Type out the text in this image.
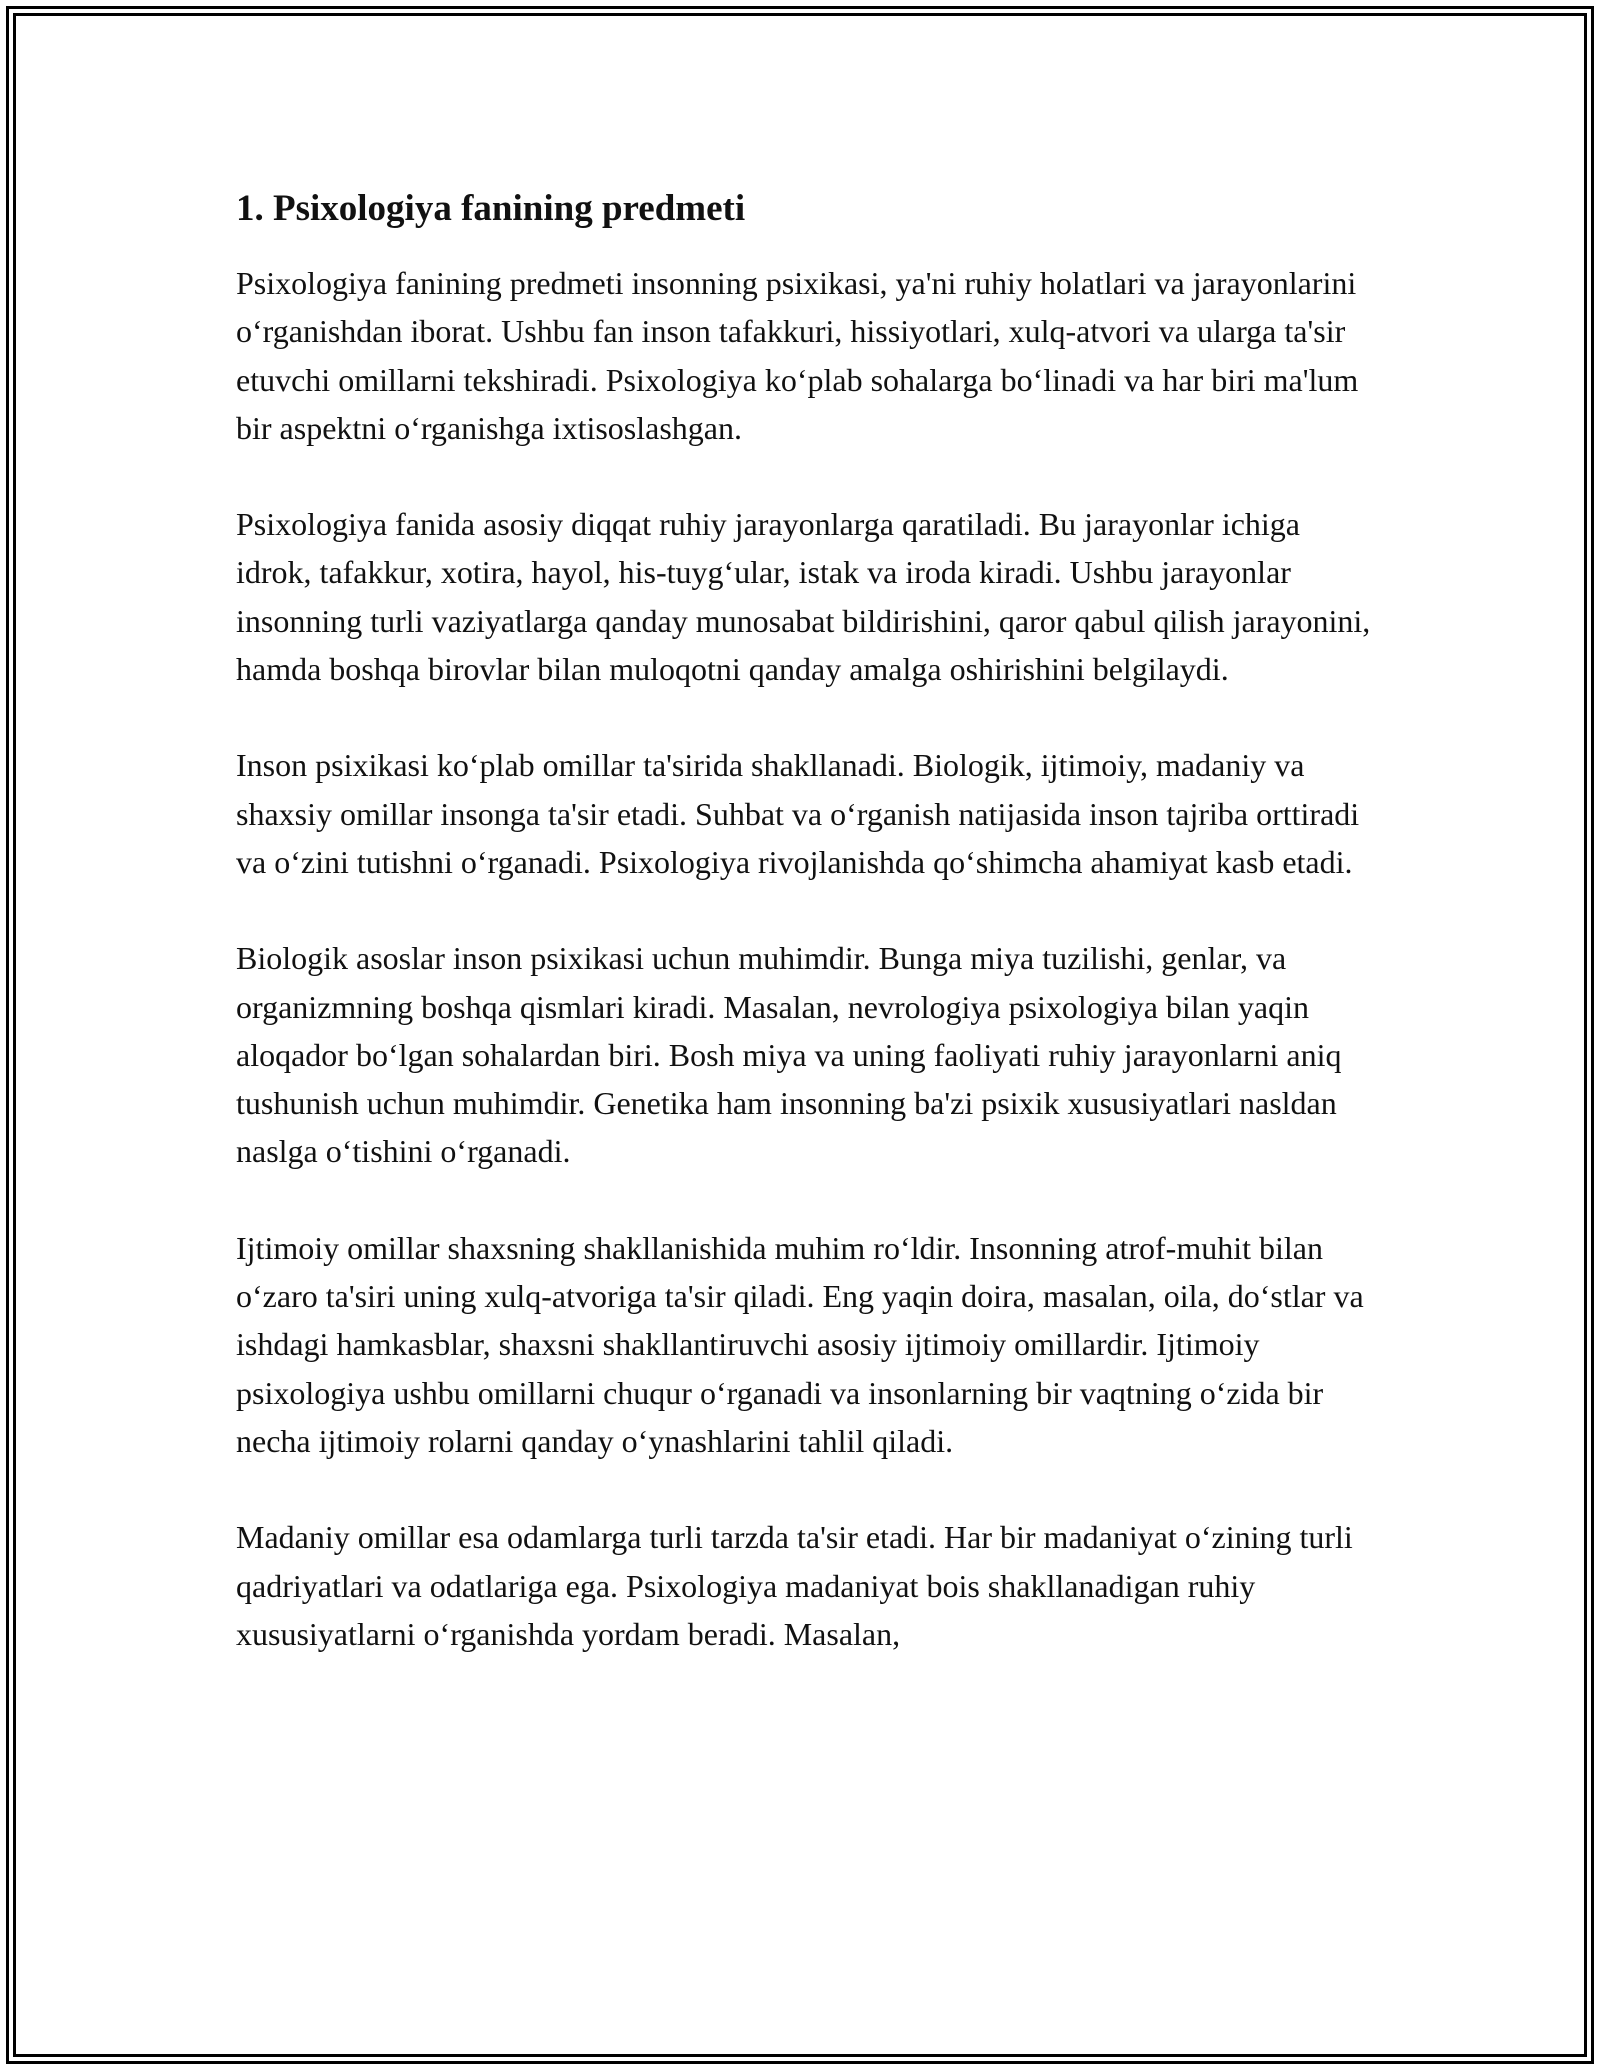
1. Psixologiya fanining predmeti

Psixologiya fanining predmeti insonning psixikasi, ya'ni ruhiy holatlari va jarayonlarini oʻrganishdan iborat. Ushbu fan inson tafakkuri, hissiyotlari, xulq-atvori va ularga ta'sir etuvchi omillarni tekshiradi. Psixologiya koʻplab sohalarga boʻlinadi va har biri ma'lum bir aspektni oʻrganishga ixtisoslashgan.

Psixologiya fanida asosiy diqqat ruhiy jarayonlarga qaratiladi. Bu jarayonlar ichiga idrok, tafakkur, xotira, hayol, his-tuygʻular, istak va iroda kiradi. Ushbu jarayonlar insonning turli vaziyatlarga qanday munosabat bildirishini, qaror qabul qilish jarayonini, hamda boshqa birovlar bilan muloqotni qanday amalga oshirishini belgilaydi.

Inson psixikasi koʻplab omillar ta'sirida shakllanadi. Biologik, ijtimoiy, madaniy va shaxsiy omillar insonga ta'sir etadi. Suhbat va oʻrganish natijasida inson tajriba orttiradi va oʻzini tutishni oʻrganadi. Psixologiya rivojlanishda qoʻshimcha ahamiyat kasb etadi.

Biologik asoslar inson psixikasi uchun muhimdir. Bunga miya tuzilishi, genlar, va organizmning boshqa qismlari kiradi. Masalan, nevrologiya psixologiya bilan yaqin aloqador boʻlgan sohalardan biri. Bosh miya va uning faoliyati ruhiy jarayonlarni aniq tushunish uchun muhimdir. Genetika ham insonning ba'zi psixik xususiyatlari nasldan naslga oʻtishini oʻrganadi.

Ijtimoiy omillar shaxsning shakllanishida muhim roʻldir. Insonning atrof-muhit bilan oʻzaro ta'siri uning xulq-atvoriga ta'sir qiladi. Eng yaqin doira, masalan, oila, doʻstlar va ishdagi hamkasblar, shaxsni shakllantiruvchi asosiy ijtimoiy omillardir. Ijtimoiy psixologiya ushbu omillarni chuqur oʻrganadi va insonlarning bir vaqtning oʻzida bir necha ijtimoiy rolarni qanday oʻynashlarini tahlil qiladi.

Madaniy omillar esa odamlarga turli tarzda ta'sir etadi. Har bir madaniyat oʻzining turli qadriyatlari va odatlariga ega. Psixologiya madaniyat bois shakllanadigan ruhiy xususiyatlarni oʻrganishda yordam beradi. Masalan,
